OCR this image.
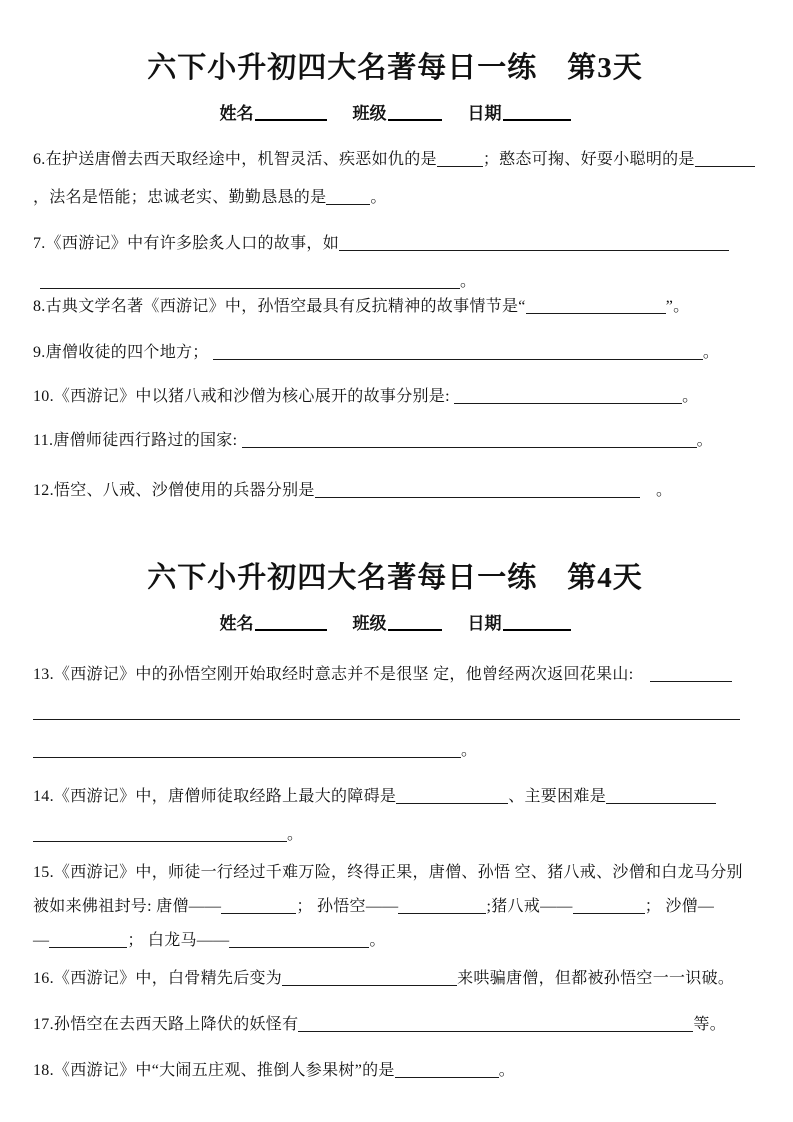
六下小升初四大名著每日一练　第3天
姓名	班级	日期
6.在护送唐僧去西天取经途中，机智灵活、疾恶如仇的是	；憨态可掬、好耍小聪明的是
，法名是悟能；忠诚老实、勤勤恳恳的是	。
7.《西游记》中有许多脍炙人口的故事，如
。
8.古典文学名著《西游记》中，孙悟空最具有反抗精神的故事情节是“	”。
9.唐僧收徒的四个地方；	。
10.《西游记》中以猪八戒和沙僧为核心展开的故事分别是:	。
11.唐僧师徒西行路过的国家:	。
12.悟空、八戒、沙僧使用的兵器分别是	　。
六下小升初四大名著每日一练　第4天
姓名	班级	日期
13.《西游记》中的孙悟空刚开始取经时意志并不是很坚 定，他曾经两次返回花果山:　
。
14.《西游记》中，唐僧师徒取经路上最大的障碍是	、主要困难是
。
15.《西游记》中，师徒一行经过千难万险，终得正果，唐僧、孙悟 空、猪八戒、沙僧和白龙马分别
被如来佛祖封号: 唐僧——	； 孙悟空——	;猪八戒——	； 沙僧—
—	； 白龙马——	。
16.《西游记》中，白骨精先后变为	来哄骗唐僧，但都被孙悟空一一识破。
17.孙悟空在去西天路上降伏的妖怪有	等。
18.《西游记》中“大闹五庄观、推倒人参果树”的是	。
